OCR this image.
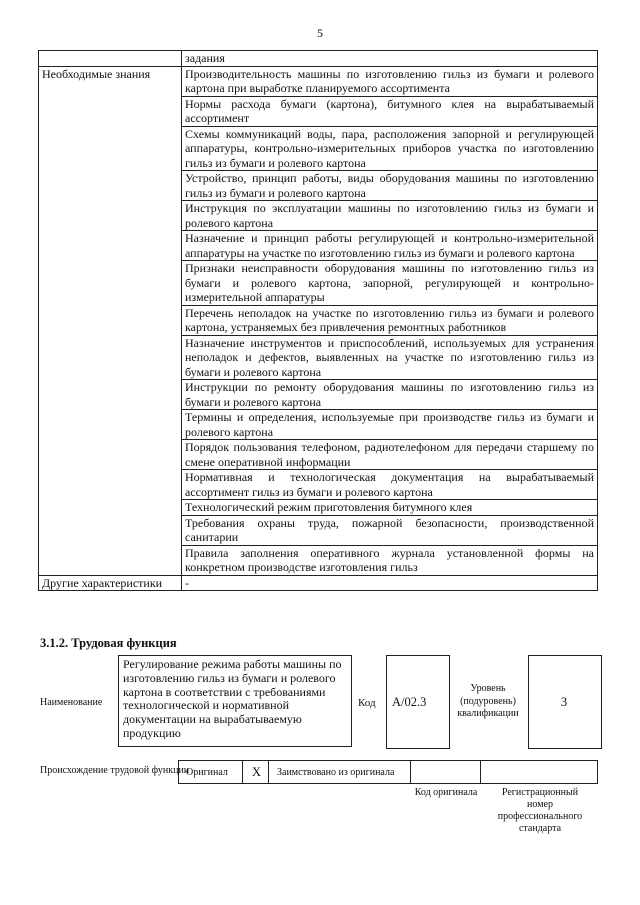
5
	задания
Необходимые знания	Производительность машины по изготовлению гильз из бумаги и ролевого картона при выработке планируемого ассортимента
	Нормы расхода бумаги (картона), битумного клея на вырабатываемый ассортимент
	Схемы коммуникаций воды, пара, расположения запорной и регулирующей аппаратуры, контрольно-измерительных приборов участка по изготовлению гильз из бумаги и ролевого картона
	Устройство, принцип работы, виды оборудования машины по изготовлению гильз из бумаги и ролевого картона
	Инструкция по эксплуатации машины по изготовлению гильз из бумаги и ролевого картона
	Назначение и принцип работы регулирующей и контрольно-измерительной аппаратуры на участке по изготовлению гильз из бумаги и ролевого картона
	Признаки неисправности оборудования машины по изготовлению гильз из бумаги и ролевого картона, запорной, регулирующей и контрольно-измерительной аппаратуры
	Перечень неполадок на участке по изготовлению гильз из бумаги и ролевого картона, устраняемых без привлечения ремонтных работников
	Назначение инструментов и приспособлений, используемых для устранения неполадок и дефектов, выявленных на участке по изготовлению гильз из бумаги и ролевого картона
	Инструкции по ремонту оборудования машины по изготовлению гильз из бумаги и ролевого картона
	Термины и определения, используемые при производстве гильз из бумаги и ролевого картона
	Порядок пользования телефоном, радиотелефоном для передачи старшему по смене оперативной информации
	Нормативная и технологическая документация на вырабатываемый ассортимент гильз из бумаги и ролевого картона
	Технологический режим приготовления битумного клея
	Требования охраны труда, пожарной безопасности, производственной санитарии
	Правила заполнения оперативного журнала установленной формы на конкретном производстве изготовления гильз
Другие характеристики	-
3.1.2. Трудовая функция
Наименование
Регулирование режима работы машины по изготовлению гильз из бумаги и ролевого картона в соответствии с требованиями технологической и нормативной документации на вырабатываемую продукцию
Код А/02.3
Уровень (подуровень) квалификации
3
Происхождение трудовой функции
Оригинал X Заимствовано из оригинала
Код оригинала	Регистрационный номер профессионального стандарта
